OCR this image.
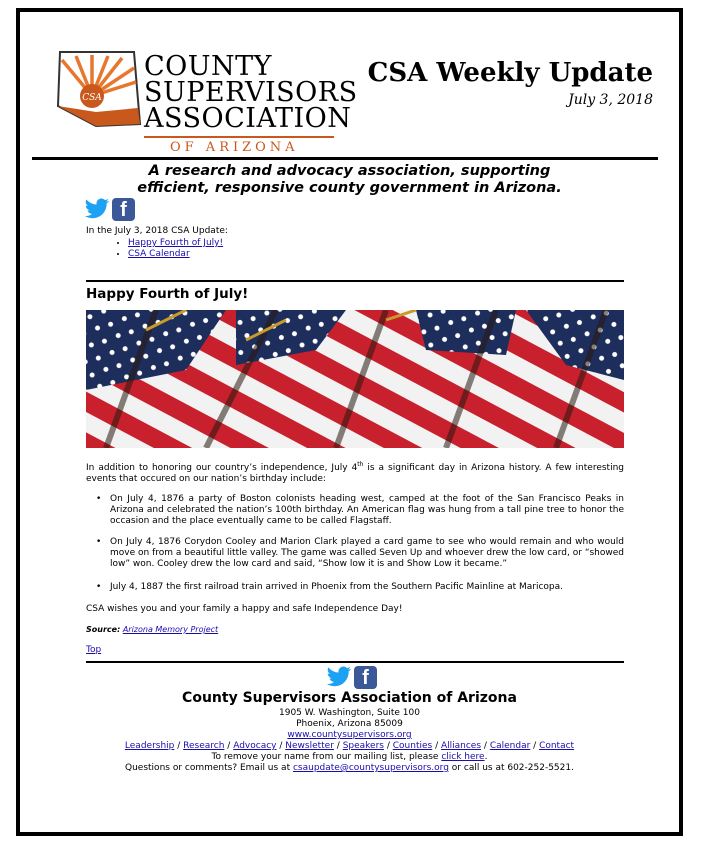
CSA
COUNTY
SUPERVISORS
ASSOCIATION
OF ARIZONA
CSA Weekly Update
July 3, 2018
A research and advocacy association, supporting
efficient, responsive county government in Arizona.
f
In the July 3, 2018 CSA Update:
• Happy Fourth of July!
• CSA Calendar
Happy Fourth of July!
In addition to honoring our country’s independence, July 4th is a significant day in Arizona history. A few interesting events that occured on our nation’s birthday include:
• On July 4, 1876 a party of Boston colonists heading west, camped at the foot of the San Francisco Peaks in Arizona and celebrated the nation’s 100th birthday. An American flag was hung from a tall pine tree to honor the occasion and the place eventually came to be called Flagstaff.
• On July 4, 1876 Corydon Cooley and Marion Clark played a card game to see who would remain and who would move on from a beautiful little valley. The game was called Seven Up and whoever drew the low card, or “showed low” won. Cooley drew the low card and said, “Show low it is and Show Low it became.”
• July 4, 1887 the first railroad train arrived in Phoenix from the Southern Pacific Mainline at Maricopa.
CSA wishes you and your family a happy and safe Independence Day!
Source: Arizona Memory Project
Top
f
County Supervisors Association of Arizona
1905 W. Washington, Suite 100
Phoenix, Arizona 85009
www.countysupervisors.org
Leadership / Research / Advocacy / Newsletter / Speakers / Counties / Alliances / Calendar / Contact
To remove your name from our mailing list, please click here.
Questions or comments? Email us at csaupdate@countysupervisors.org or call us at 602-252-5521.
